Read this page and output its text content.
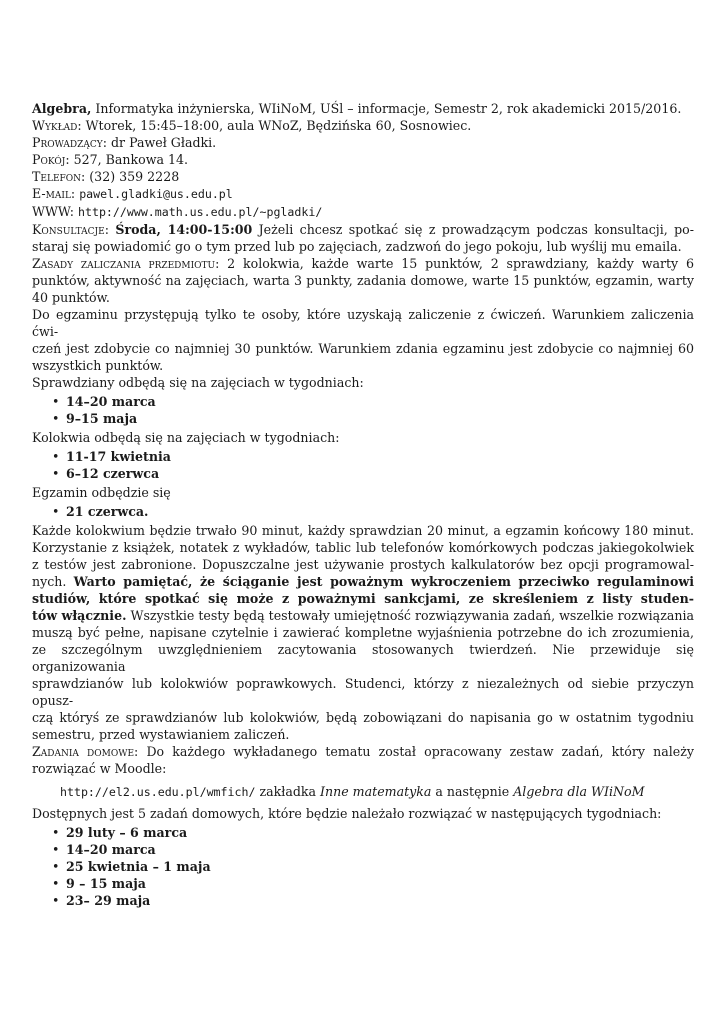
Algebra, Informatyka inżynierska, WIiNoM, UŚl – informacje, Semestr 2, rok akademicki 2015/2016.
Wykład: Wtorek, 15:45–18:00, aula WNoZ, Będzińska 60, Sosnowiec.
Prowadzący: dr Paweł Gładki.
Pokój: 527, Bankowa 14.
Telefon: (32) 359 2228
E-mail: pawel.gladki@us.edu.pl
WWW: http://www.math.us.edu.pl/~pgladki/
Konsultacje: Środa, 14:00-15:00 Jeżeli chcesz spotkać się z prowadzącym podczas konsultacji, po-
staraj się powiadomić go o tym przed lub po zajęciach, zadzwoń do jego pokoju, lub wyślij mu emaila.
Zasady zaliczania przedmiotu: 2 kolokwia, każde warte 15 punktów, 2 sprawdziany, każdy warty 6
punktów, aktywność na zajęciach, warta 3 punkty, zadania domowe, warte 15 punktów, egzamin, warty
40 punktów.
Do egzaminu przystępują tylko te osoby, które uzyskają zaliczenie z ćwiczeń. Warunkiem zaliczenia ćwi-
czeń jest zdobycie co najmniej 30 punktów. Warunkiem zdania egzaminu jest zdobycie co najmniej 60
wszystkich punktów.
Sprawdziany odbędą się na zajęciach w tygodniach:
• 14–20 marca
• 9–15 maja
Kolokwia odbędą się na zajęciach w tygodniach:
• 11-17 kwietnia
• 6–12 czerwca
Egzamin odbędzie się
• 21 czerwca.
Każde kolokwium będzie trwało 90 minut, każdy sprawdzian 20 minut, a egzamin końcowy 180 minut.
Korzystanie z książek, notatek z wykładów, tablic lub telefonów komórkowych podczas jakiegokolwiek
z testów jest zabronione. Dopuszczalne jest używanie prostych kalkulatorów bez opcji programowal-
nych. Warto pamiętać, że ściąganie jest poważnym wykroczeniem przeciwko regulaminowi
studiów, które spotkać się może z poważnymi sankcjami, ze skreśleniem z listy studen-
tów włącznie. Wszystkie testy będą testowały umiejętność rozwiązywania zadań, wszelkie rozwiązania
muszą być pełne, napisane czytelnie i zawierać kompletne wyjaśnienia potrzebne do ich zrozumienia,
ze szczególnym uwzględnieniem zacytowania stosowanych twierdzeń. Nie przewiduje się organizowania
sprawdzianów lub kolokwiów poprawkowych. Studenci, którzy z niezależnych od siebie przyczyn opusz-
czą któryś ze sprawdzianów lub kolokwiów, będą zobowiązani do napisania go w ostatnim tygodniu
semestru, przed wystawianiem zaliczeń.
Zadania domowe: Do każdego wykładanego tematu został opracowany zestaw zadań, który należy
rozwiązać w Moodle:
http://el2.us.edu.pl/wmfich/ zakładka Inne matematyka a następnie Algebra dla WIiNoM
Dostępnych jest 5 zadań domowych, które będzie należało rozwiązać w następujących tygodniach:
• 29 luty – 6 marca
• 14–20 marca
• 25 kwietnia – 1 maja
• 9 – 15 maja
• 23– 29 maja
